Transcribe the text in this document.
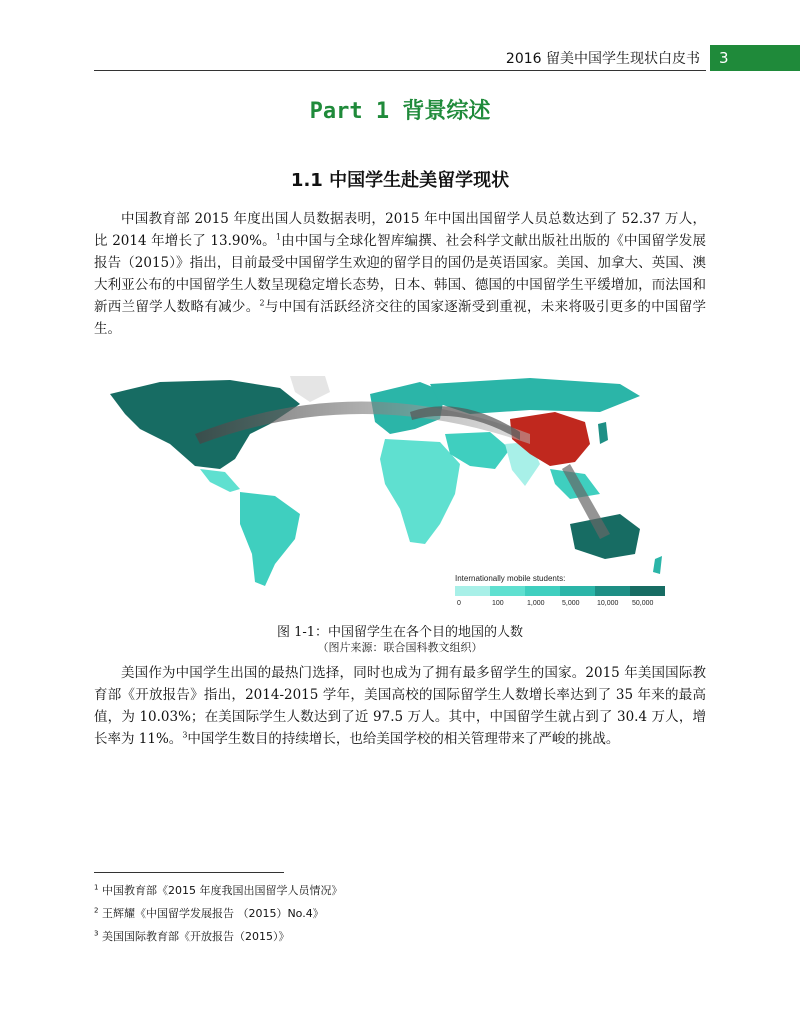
2016 留美中国学生现状白皮书	3
Part 1 背景综述
1.1 中国学生赴美留学现状

中国教育部 2015 年度出国人员数据表明，2015 年中国出国留学人员总数达到了 52.37 万人，比 2014 年增长了 13.90%。$^1$由中国与全球化智库编撰、社会科学文献出版社出版的《中国留学发展报告（2015）》指出，目前最受中国留学生欢迎的留学目的国仍是英语国家。美国、加拿大、英国、澳大利亚公布的中国留学生人数呈现稳定增长态势，日本、韩国、德国的中国留学生平缓增加，而法国和新西兰留学人数略有减少。$^2$与中国有活跃经济交往的国家逐渐受到重视，未来将吸引更多的中国留学生。

Internationally mobile students:
0	100	1,000 5,000 10,000 50,000
图 1-1：中国留学生在各个目的地国的人数
（图片来源：联合国科教文组织）

美国作为中国学生出国的最热门选择，同时也成为了拥有最多留学生的国家。2015 年美国国际教育部《开放报告》指出，2014-2015 学年，美国高校的国际留学生人数增长率达到了 35 年来的最高值，为 10.03%；在美国际学生人数达到了近 97.5 万人。其中，中国留学生就占到了 30.4 万人，增长率为 11%。$^3$中国学生数目的持续增长，也给美国学校的相关管理带来了严峻的挑战。

$^1$ 中国教育部《2015 年度我国出国留学人员情况》
$^2$ 王辉耀《中国留学发展报告 （2015）No.4》
$^3$ 美国国际教育部《开放报告（2015）》
